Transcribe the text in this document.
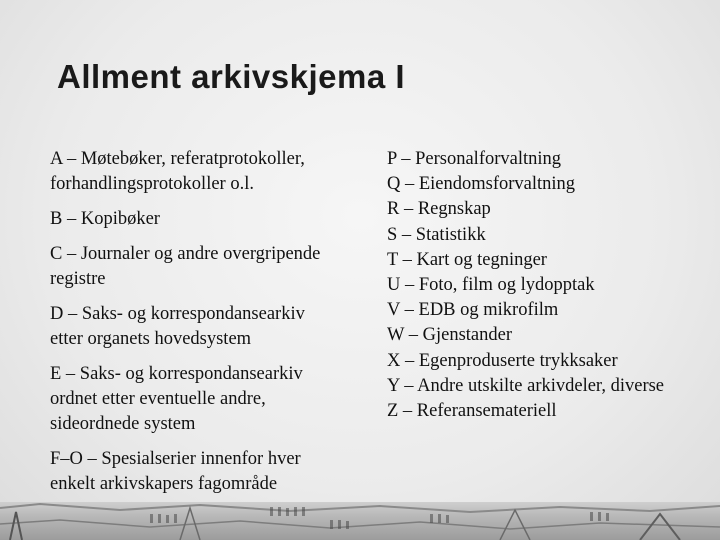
Allment arkivskjema I
A – Møtebøker, referatprotokoller,
forhandlingsprotokoller o.l.
B – Kopibøker
C – Journaler og andre overgripende
registre
D – Saks- og korrespondansearkiv
etter organets hovedsystem
E – Saks- og korrespondansearkiv
ordnet etter eventuelle andre,
sideordnede system
F–O – Spesialserier innenfor hver
enkelt arkivskapers fagområde
P – Personalforvaltning
Q – Eiendomsforvaltning
R – Regnskap
S – Statistikk
T – Kart og tegninger
U – Foto, film og lydopptak
V – EDB og mikrofilm
W – Gjenstander
X – Egenproduserte trykksaker
Y – Andre utskilte arkivdeler, diverse
Z – Referansemateriell
